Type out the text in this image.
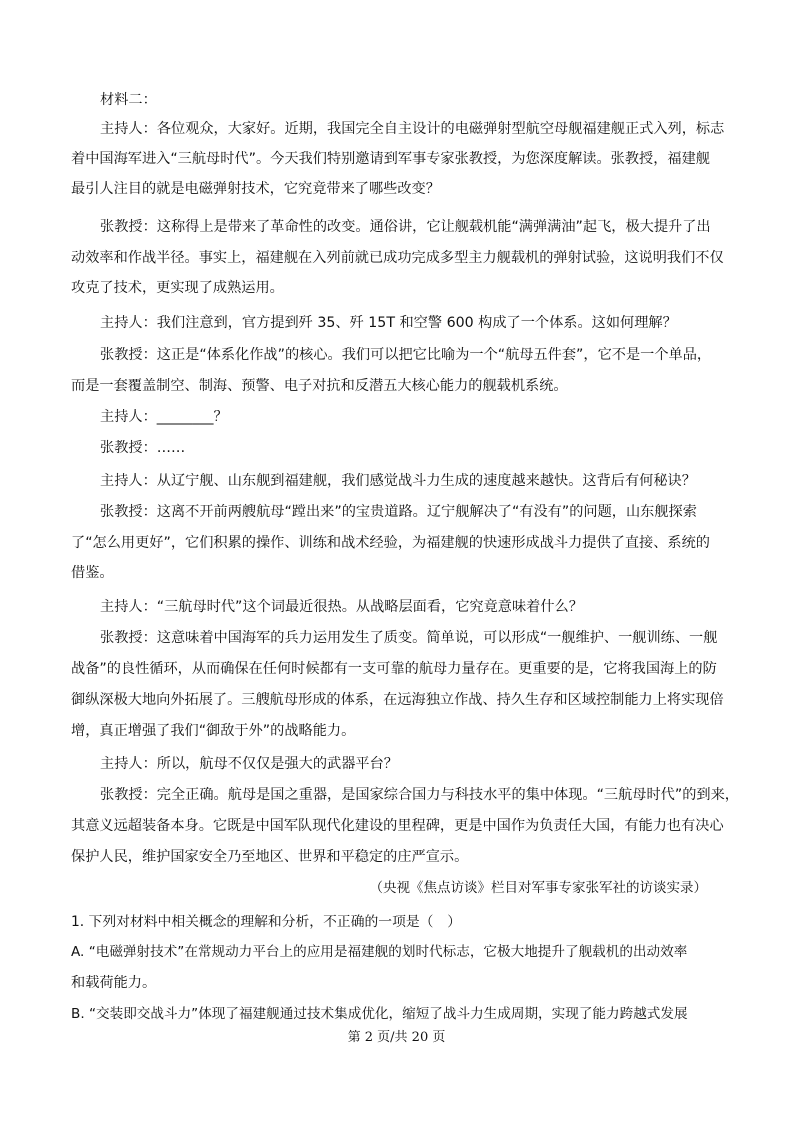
材料二：
主持人：各位观众，大家好。近期，我国完全自主设计的电磁弹射型航空母舰福建舰正式入列，标志
着中国海军进入“三航母时代”。今天我们特别邀请到军事专家张教授，为您深度解读。张教授，福建舰
最引人注目的就是电磁弹射技术，它究竟带来了哪些改变？
张教授：这称得上是带来了革命性的改变。通俗讲，它让舰载机能“满弹满油”起飞，极大提升了出
动效率和作战半径。事实上，福建舰在入列前就已成功完成多型主力舰载机的弹射试验，这说明我们不仅
攻克了技术，更实现了成熟运用。
主持人：我们注意到，官方提到歼 35、歼 15T 和空警 600 构成了一个体系。这如何理解？
张教授：这正是“体系化作战”的核心。我们可以把它比喻为一个“航母五件套”，它不是一个单品，
而是一套覆盖制空、制海、预警、电子对抗和反潜五大核心能力的舰载机系统。
主持人：________？
张教授：……
主持人：从辽宁舰、山东舰到福建舰，我们感觉战斗力生成的速度越来越快。这背后有何秘诀？
张教授：这离不开前两艘航母“蹚出来”的宝贵道路。辽宁舰解决了“有没有”的问题，山东舰探索
了“怎么用更好”，它们积累的操作、训练和战术经验，为福建舰的快速形成战斗力提供了直接、系统的
借鉴。
主持人：“三航母时代”这个词最近很热。从战略层面看，它究竟意味着什么？
张教授：这意味着中国海军的兵力运用发生了质变。简单说，可以形成“一舰维护、一舰训练、一舰
战备”的良性循环，从而确保在任何时候都有一支可靠的航母力量存在。更重要的是，它将我国海上的防
御纵深极大地向外拓展了。三艘航母形成的体系，在远海独立作战、持久生存和区域控制能力上将实现倍
增，真正增强了我们“御敌于外”的战略能力。
主持人：所以，航母不仅仅是强大的武器平台？
张教授：完全正确。航母是国之重器，是国家综合国力与科技水平的集中体现。“三航母时代”的到来，
其意义远超装备本身。它既是中国军队现代化建设的里程碑，更是中国作为负责任大国，有能力也有决心
保护人民，维护国家安全乃至地区、世界和平稳定的庄严宣示。
（央视《焦点访谈》栏目对军事专家张军社的访谈实录）
1. 下列对材料中相关概念的理解和分析，不正确的一项是（　）
A. “电磁弹射技术”在常规动力平台上的应用是福建舰的划时代标志，它极大地提升了舰载机的出动效率
和载荷能力。
B. “交装即交战斗力”体现了福建舰通过技术集成优化，缩短了战斗力生成周期，实现了能力跨越式发展
第 2 页/共 20 页
